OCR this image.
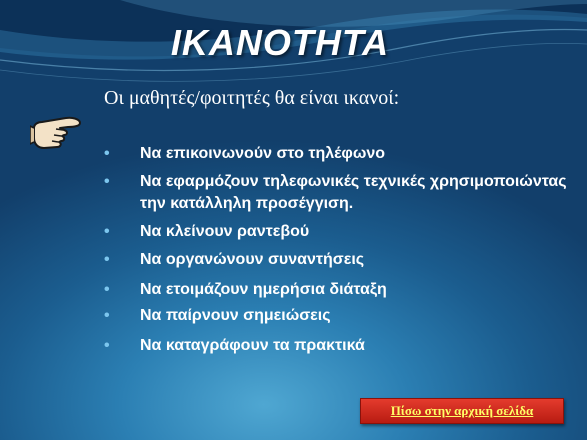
ΙΚΑΝΟΤΗΤΑ
Οι μαθητές/φοιτητές θα είναι ικανοί:
• Να επικοινωνούν στο τηλέφωνο
• Να εφαρμόζουν τηλεφωνικές τεχνικές χρησιμοποιώντας την κατάλληλη προσέγγιση.
• Να κλείνουν ραντεβού
• Να οργανώνουν συναντήσεις
• Να ετοιμάζουν ημερήσια διάταξη
• Να παίρνουν σημειώσεις
• Να καταγράφουν τα πρακτικά
Πίσω στην αρχική σελίδα
